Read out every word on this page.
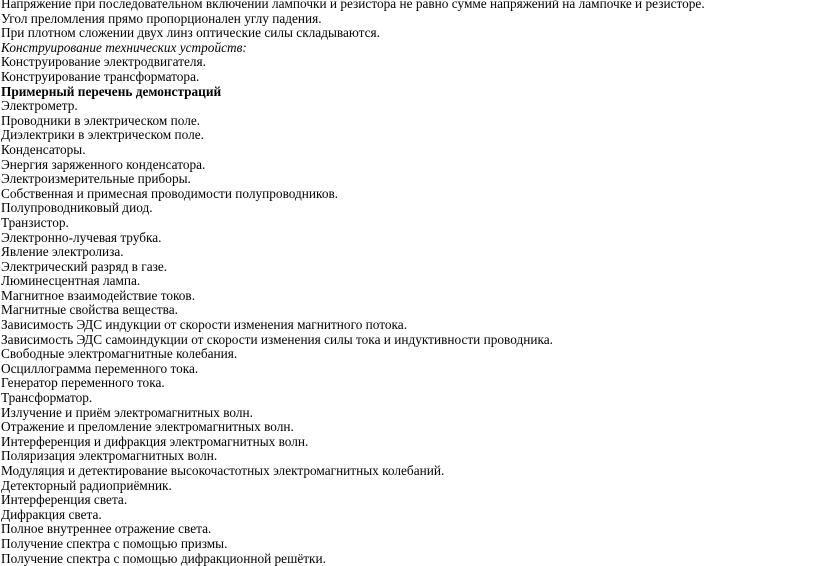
Напряжение при последовательном включении лампочки и резистора не равно сумме напряжений на лампочке и резисторе.

Угол преломления прямо пропорционален углу падения.

При плотном сложении двух линз оптические силы складываются.

Конструирование технических устройств:

Конструирование электродвигателя.

Конструирование трансформатора.

Примерный перечень демонстраций

Электрометр.

Проводники в электрическом поле.

Диэлектрики в электрическом поле.

Конденсаторы.

Энергия заряженного конденсатора.

Электроизмерительные приборы.

Собственная и примесная проводимости полупроводников.

Полупроводниковый диод.

Транзистор.

Электронно-лучевая трубка.

Явление электролиза.

Электрический разряд в газе.

Люминесцентная лампа.

Магнитное взаимодействие токов.

Магнитные свойства вещества.

Зависимость ЭДС индукции от скорости изменения магнитного потока.

Зависимость ЭДС самоиндукции от скорости изменения силы тока и индуктивности проводника.

Свободные электромагнитные колебания.

Осциллограмма переменного тока.

Генератор переменного тока.

Трансформатор.

Излучение и приём электромагнитных волн.

Отражение и преломление электромагнитных волн.

Интерференция и дифракция электромагнитных волн.

Поляризация электромагнитных волн.

Модуляция и детектирование высокочастотных электромагнитных колебаний.

Детекторный радиоприёмник.

Интерференция света.

Дифракция света.

Полное внутреннее отражение света.

Получение спектра с помощью призмы.

Получение спектра с помощью дифракционной решётки.
